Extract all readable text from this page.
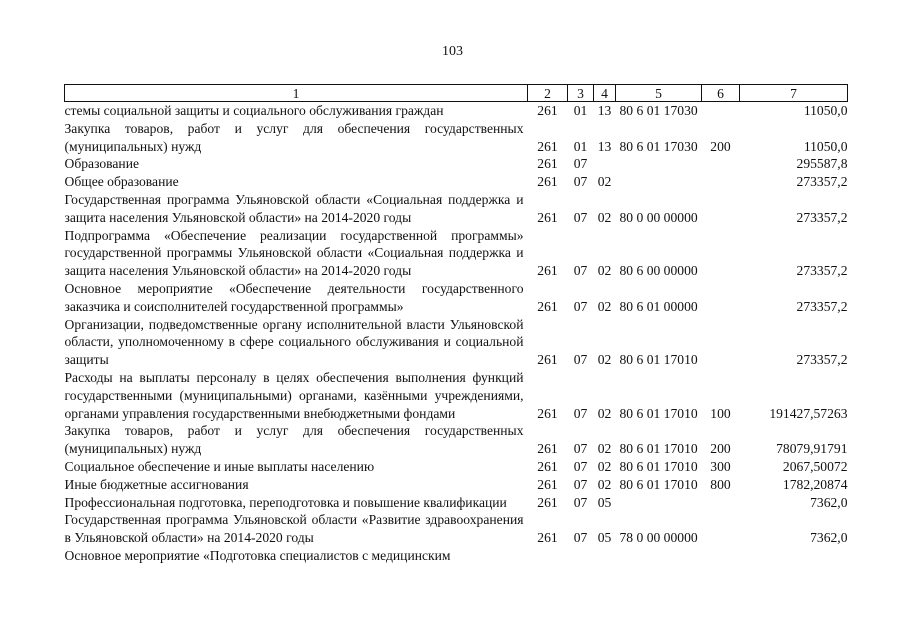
103
1	2	3	4	5	6	7
стемы социальной защиты и социального обслуживания граждан	261	01	13	80 6 01 17030		11050,0
Закупка товаров, работ и услуг для обеспечения государственных (муниципальных) нужд	261	01	13	80 6 01 17030	200	11050,0
Образование	261	07				295587,8
Общее образование	261	07	02			273357,2
Государственная программа Ульяновской области «Социальная поддержка и защита населения Ульяновской области» на 2014-2020 годы	261	07	02	80 0 00 00000		273357,2
Подпрограмма «Обеспечение реализации государственной программы» государственной программы Ульяновской области «Социальная поддержка и защита населения Ульяновской области» на 2014-2020 годы	261	07	02	80 6 00 00000		273357,2
Основное мероприятие «Обеспечение деятельности государственного заказчика и соисполнителей государственной программы»	261	07	02	80 6 01 00000		273357,2
Организации, подведомственные органу исполнительной власти Ульяновской области, уполномоченному в сфере социального обслуживания и социальной защиты	261	07	02	80 6 01 17010		273357,2
Расходы на выплаты персоналу в целях обеспечения выполнения функций государственными (муниципальными) органами, казёнными учреждениями, органами управления государственными внебюджетными фондами	261	07	02	80 6 01 17010	100	191427,57263
Закупка товаров, работ и услуг для обеспечения государственных (муниципальных) нужд	261	07	02	80 6 01 17010	200	78079,91791
Социальное обеспечение и иные выплаты населению	261	07	02	80 6 01 17010	300	2067,50072
Иные бюджетные ассигнования	261	07	02	80 6 01 17010	800	1782,20874
Профессиональная подготовка, переподготовка и повышение квалификации	261	07	05			7362,0
Государственная программа Ульяновской области «Развитие здравоохранения в Ульяновской области» на 2014-2020 годы	261	07	05	78 0 00 00000		7362,0
Основное мероприятие «Подготовка специалистов с медицинским						
